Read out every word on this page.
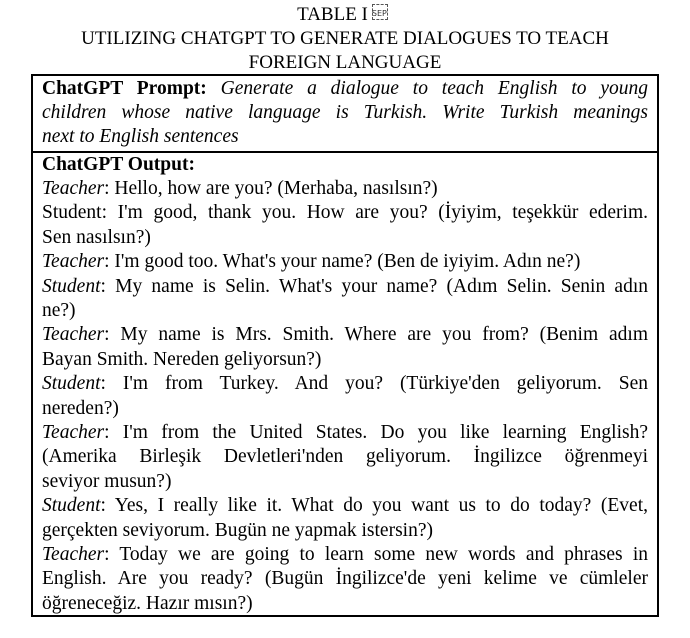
TABLE I SEP
UTILIZING CHATGPT TO GENERATE DIALOGUES TO TEACH
FOREIGN LANGUAGE
ChatGPT Prompt: Generate a dialogue to teach English to young
children whose native language is Turkish. Write Turkish meanings
next to English sentences
ChatGPT Output:
Teacher: Hello, how are you? (Merhaba, nasılsın?)
Student: I'm good, thank you. How are you? (İyiyim, teşekkür ederim.
Sen nasılsın?)
Teacher: I'm good too. What's your name? (Ben de iyiyim. Adın ne?)
Student: My name is Selin. What's your name? (Adım Selin. Senin adın
ne?)
Teacher: My name is Mrs. Smith. Where are you from? (Benim adım
Bayan Smith. Nereden geliyorsun?)
Student: I'm from Turkey. And you? (Türkiye'den geliyorum. Sen
nereden?)
Teacher: I'm from the United States. Do you like learning English?
(Amerika Birleşik Devletleri'nden geliyorum. İngilizce öğrenmeyi
seviyor musun?)
Student: Yes, I really like it. What do you want us to do today? (Evet,
gerçekten seviyorum. Bugün ne yapmak istersin?)
Teacher: Today we are going to learn some new words and phrases in
English. Are you ready? (Bugün İngilizce'de yeni kelime ve cümleler
öğreneceğiz. Hazır mısın?)
